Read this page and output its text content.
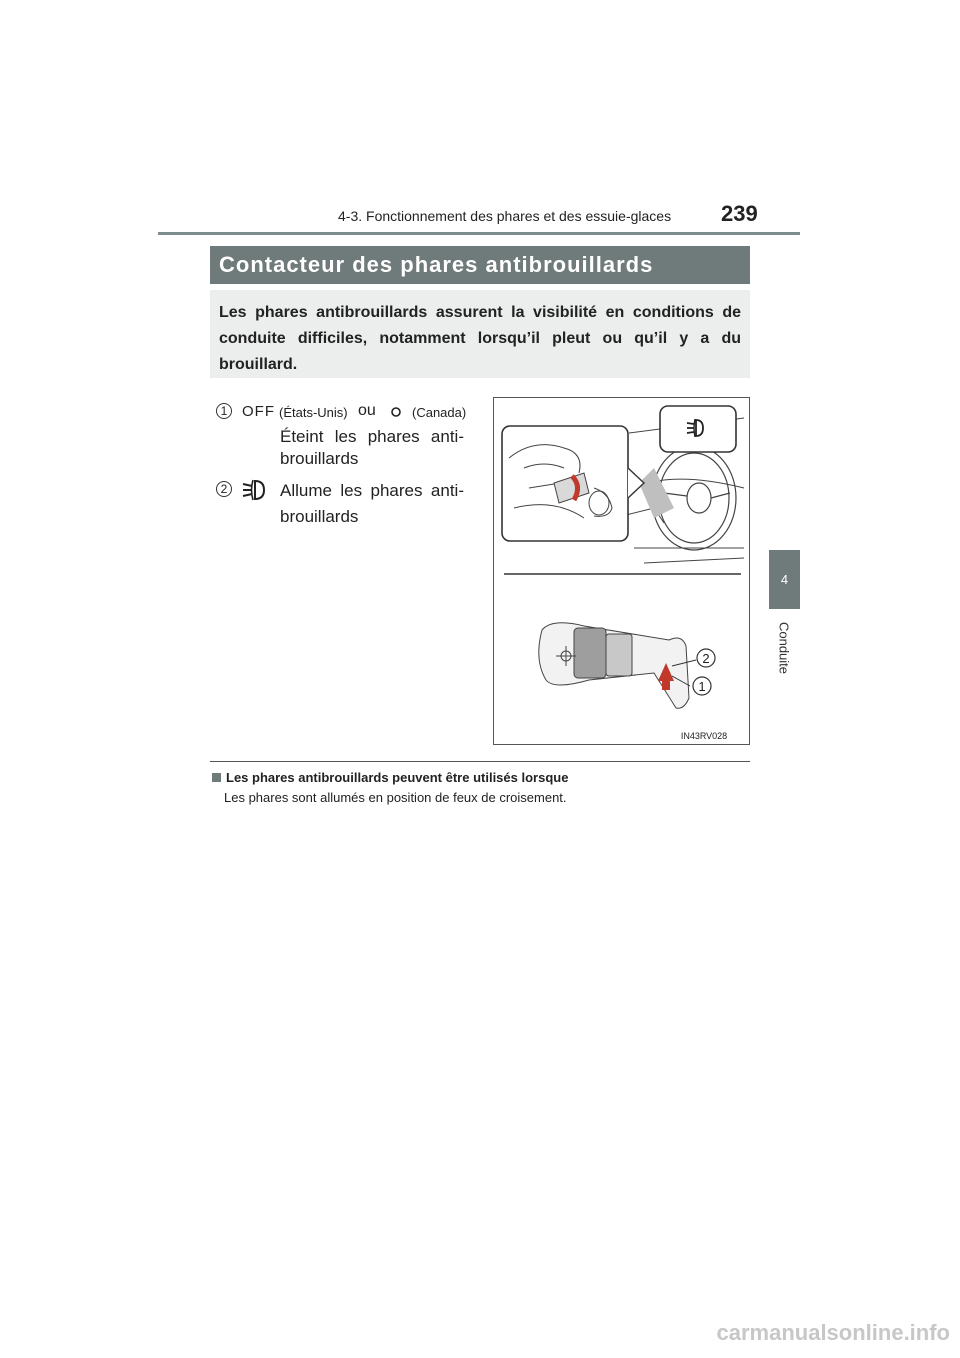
4-3. Fonctionnement des phares et des essuie-glaces 239
4
Conduite
Contacteur des phares antibrouillards
Les phares antibrouillards assurent la visibilité en conditions de conduite difficiles, notamment lorsqu’il pleut ou qu’il y a du brouillard.
1 OFF (États-Unis) ou	(Canada)
Éteint les phares anti-
brouillards
2	Allume les phares anti-
brouillards
2
1
IN43RV028
Les phares antibrouillards peuvent être utilisés lorsque
Les phares sont allumés en position de feux de croisement.
carmanualsonline.info
